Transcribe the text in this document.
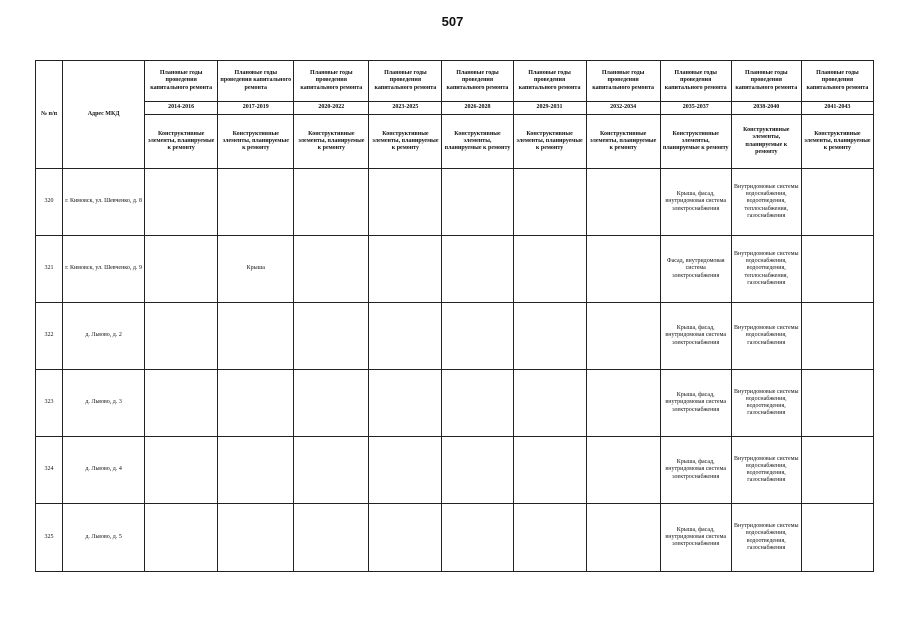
507
№ п/п	Адрес МКД	Плановые годы проведения капитального ремонта	Плановые годы проведения капитального ремонта	Плановые годы проведения капитального ремонта	Плановые годы проведения капитального ремонта	Плановые годы проведения капитального ремонта	Плановые годы проведения капитального ремонта	Плановые годы проведения капитального ремонта	Плановые годы проведения капитального ремонта	Плановые годы проведения капитального ремонта	Плановые годы проведения капитального ремонта
		2014-2016	2017-2019	2020-2022	2023-2025	2026-2028	2029-2031	2032-2034	2035-2037	2038-2040	2041-2043
		Конструктивные элементы, планируемые к ремонту	Конструктивные элементы, планируемые к ремонту	Конструктивные элементы, планируемые к ремонту	Конструктивные элементы, планируемые к ремонту	Конструктивные элементы, планируемые к ремонту	Конструктивные элементы, планируемые к ремонту	Конструктивные элементы, планируемые к ремонту	Конструктивные элементы, планируемые к ремонту	Конструктивные элементы, планируемые к ремонту	Конструктивные элементы, планируемые к ремонту
320	г. Кимовск, ул. Шевченко, д. 8								Крыша, фасад, внутридомовая система электроснабжения	Внутридомовые системы водоснабжения, водоотведения, теплоснабжения, газоснабжения	
321	г. Кимовск, ул. Шевченко, д. 9		Крыша						Фасад, внутридомовая система электроснабжения	Внутридомовые системы водоснабжения, водоотведения, теплоснабжения, газоснабжения	
322	д. Львово, д. 2								Крыша, фасад, внутридомовая система электроснабжения	Внутридомовые системы водоснабжения, газоснабжения	
323	д. Львово, д. 3								Крыша, фасад, внутридомовая система электроснабжения	Внутридомовые системы водоснабжения, водоотведения, газоснабжения	
324	д. Львово, д. 4								Крыша, фасад, внутридомовая система электроснабжения	Внутридомовые системы водоснабжения, водоотведения, газоснабжения	
325	д. Львово, д. 5								Крыша, фасад, внутридомовая система электроснабжения	Внутридомовые системы водоснабжения, водоотведения, газоснабжения	
